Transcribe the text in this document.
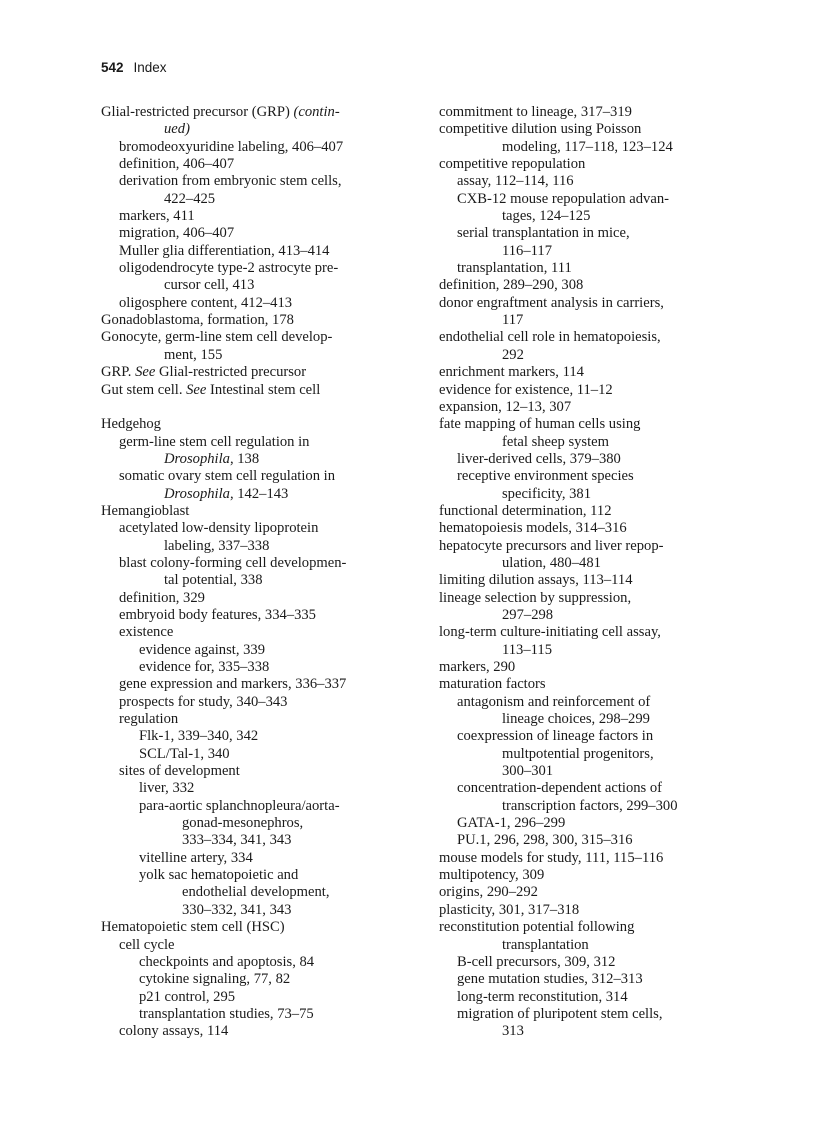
542 Index
Glial-restricted precursor (GRP) (contin-
ued)
bromodeoxyuridine labeling, 406–407
definition, 406–407
derivation from embryonic stem cells,
422–425
markers, 411
migration, 406–407
Muller glia differentiation, 413–414
oligodendrocyte type-2 astrocyte pre-
cursor cell, 413
oligosphere content, 412–413
Gonadoblastoma, formation, 178
Gonocyte, germ-line stem cell develop-
ment, 155
GRP. See Glial-restricted precursor
Gut stem cell. See Intestinal stem cell
Hedgehog
germ-line stem cell regulation in
Drosophila, 138
somatic ovary stem cell regulation in
Drosophila, 142–143
Hemangioblast
acetylated low-density lipoprotein
labeling, 337–338
blast colony-forming cell developmen-
tal potential, 338
definition, 329
embryoid body features, 334–335
existence
evidence against, 339
evidence for, 335–338
gene expression and markers, 336–337
prospects for study, 340–343
regulation
Flk-1, 339–340, 342
SCL/Tal-1, 340
sites of development
liver, 332
para-aortic splanchnopleura/aorta-
gonad-mesonephros,
333–334, 341, 343
vitelline artery, 334
yolk sac hematopoietic and
endothelial development,
330–332, 341, 343
Hematopoietic stem cell (HSC)
cell cycle
checkpoints and apoptosis, 84
cytokine signaling, 77, 82
p21 control, 295
transplantation studies, 73–75
colony assays, 114
commitment to lineage, 317–319
competitive dilution using Poisson
modeling, 117–118, 123–124
competitive repopulation
assay, 112–114, 116
CXB-12 mouse repopulation advan-
tages, 124–125
serial transplantation in mice,
116–117
transplantation, 111
definition, 289–290, 308
donor engraftment analysis in carriers,
117
endothelial cell role in hematopoiesis,
292
enrichment markers, 114
evidence for existence, 11–12
expansion, 12–13, 307
fate mapping of human cells using
fetal sheep system
liver-derived cells, 379–380
receptive environment species
specificity, 381
functional determination, 112
hematopoiesis models, 314–316
hepatocyte precursors and liver repop-
ulation, 480–481
limiting dilution assays, 113–114
lineage selection by suppression,
297–298
long-term culture-initiating cell assay,
113–115
markers, 290
maturation factors
antagonism and reinforcement of
lineage choices, 298–299
coexpression of lineage factors in
multpotential progenitors,
300–301
concentration-dependent actions of
transcription factors, 299–300
GATA-1, 296–299
PU.1, 296, 298, 300, 315–316
mouse models for study, 111, 115–116
multipotency, 309
origins, 290–292
plasticity, 301, 317–318
reconstitution potential following
transplantation
B-cell precursors, 309, 312
gene mutation studies, 312–313
long-term reconstitution, 314
migration of pluripotent stem cells,
313
